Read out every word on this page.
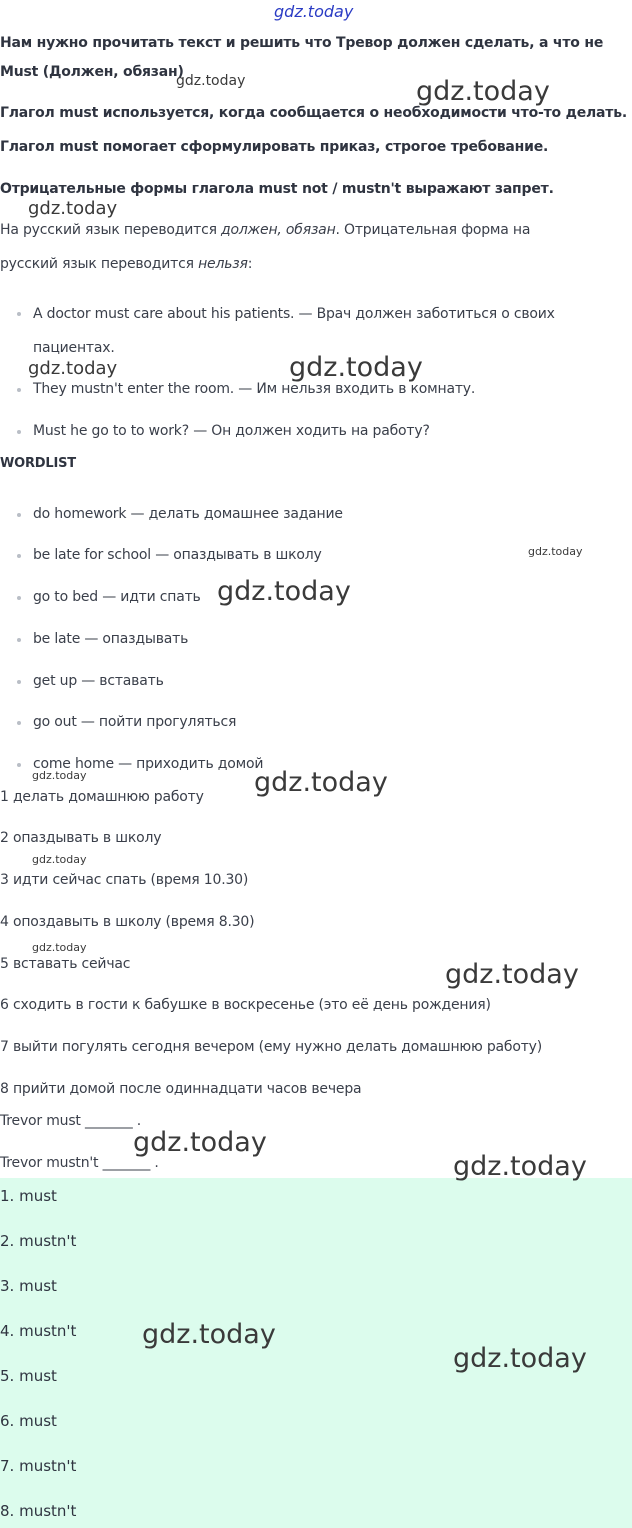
gdz.today
Нам нужно прочитать текст и решить что Тревор должен сделать, а что не
Must (Должен, обязан)
Глагол must используется, когда сообщается о необходимости что-то делать.
Глагол must помогает сформулировать приказ, строгое требование.
Отрицательные формы глагола must not / mustn't выражают запрет.
На русский язык переводится должен, обязан. Отрицательная форма на
русский язык переводится нельзя:
A doctor must care about his patients. — Врач должен заботиться о своих
пациентах.
They mustn't enter the room. — Им нельзя входить в комнату.
Must he go to to work? — Он должен ходить на работу?
WORDLIST
do homework — делать домашнее задание
be late for school — опаздывать в школу
go to bed — идти спать
be late — опаздывать
get up — вставать
go out — пойти прогуляться
come home — приходить домой
1 делать домашнюю работу
2 опаздывать в школу
3 идти сейчас спать (время 10.30)
4 опоздавыть в школу (время 8.30)
5 вставать сейчас
6 сходить в гости к бабушке в воскресенье (это её день рождения)
7 выйти погулять сегодня вечером (ему нужно делать домашнюю работу)
8 прийти домой после одиннадцати часов вечера
Trevor must _______ .
Trevor mustn't _______ .
1. must
2. mustn't
3. must
4. mustn't
5. must
6. must
7. mustn't
8. mustn't
gdz.today	gdz.today
gdz.today
gdz.today	gdz.today
gdz.today
gdz.today
gdz.today	gdz.today
gdz.today
gdz.today
gdz.today
gdz.today
gdz.today
gdz.today
gdz.today
